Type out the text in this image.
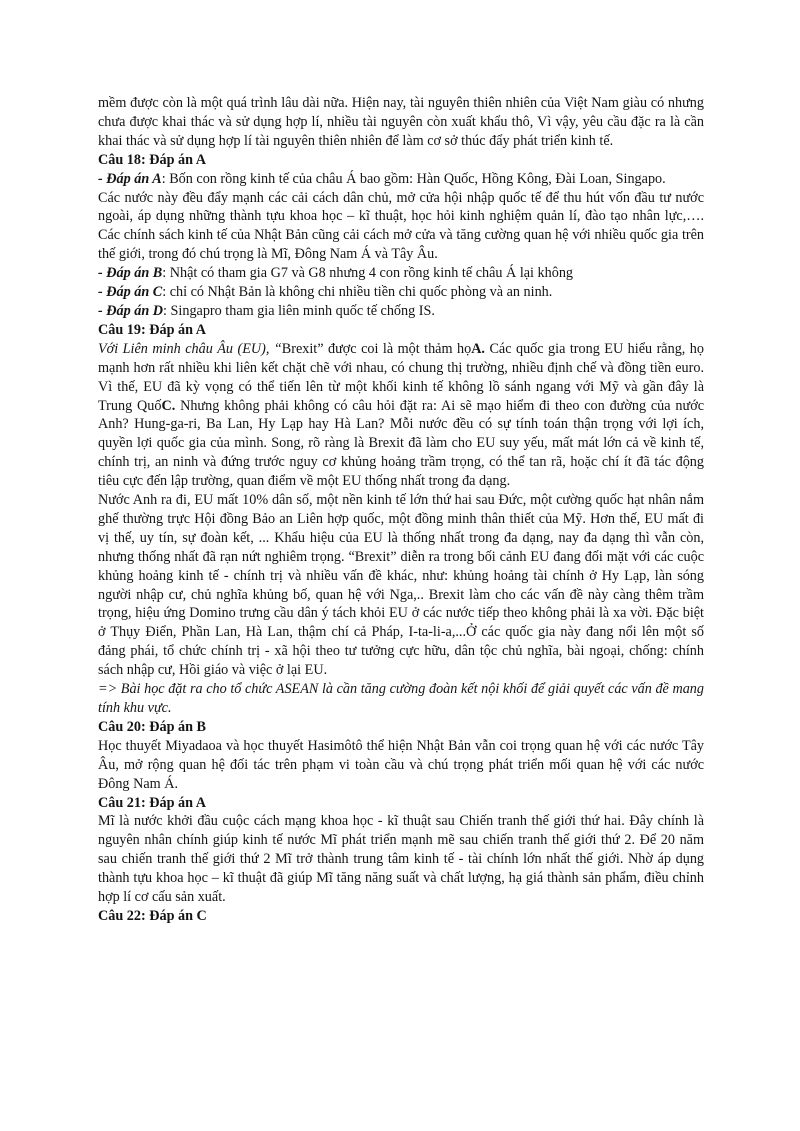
mềm được còn là một quá trình lâu dài nữa. Hiện nay, tài nguyên thiên nhiên của Việt Nam giàu có nhưng chưa được khai thác và sử dụng hợp lí, nhiều tài nguyên còn xuất khẩu thô, Vì vậy, yêu cầu đặc ra là cần khai thác và sử dụng hợp lí tài nguyên thiên nhiên để làm cơ sở thúc đẩy phát triển kinh tế.

Câu 18: Đáp án A

- Đáp án A: Bốn con rồng kinh tế của châu Á bao gồm: Hàn Quốc, Hồng Kông, Đài Loan, Singapo.

Các nước này đều đẩy mạnh các cải cách dân chủ, mở cửa hội nhập quốc tế để thu hút vốn đầu tư nước ngoài, áp dụng những thành tựu khoa học – kĩ thuật, học hỏi kinh nghiệm quản lí, đào tạo nhân lực,…. Các chính sách kinh tế của Nhật Bản cũng cải cách mở cửa và tăng cường quan hệ với nhiều quốc gia trên thế giới, trong đó chú trọng là Mĩ, Đông Nam Á và Tây Âu.

- Đáp án B: Nhật có tham gia G7 và G8 nhưng 4 con rồng kinh tế châu Á lại không

- Đáp án C: chỉ có Nhật Bản là không chi nhiều tiền chi quốc phòng và an ninh.

- Đáp án D: Singapro tham gia liên minh quốc tế chống IS.

Câu 19: Đáp án A

Với Liên minh châu Âu (EU), “Brexit” được coi là một thảm họA. Các quốc gia trong EU hiểu rằng, họ mạnh hơn rất nhiều khi liên kết chặt chẽ với nhau, có chung thị trường, nhiều định chế và đồng tiền euro. Vì thế, EU đã kỳ vọng có thể tiến lên từ một khối kinh tế không lồ sánh ngang với Mỹ và gần đây là Trung QuốC. Nhưng không phải không có câu hỏi đặt ra: Ai sẽ mạo hiểm đi theo con đường của nước Anh? Hung-ga-ri, Ba Lan, Hy Lạp hay Hà Lan? Mỗi nước đều có sự tính toán thận trọng với lợi ích, quyền lợi quốc gia của mình. Song, rõ ràng là Brexit đã làm cho EU suy yếu, mất mát lớn cả về kinh tế, chính trị, an ninh và đứng trước nguy cơ khủng hoảng trầm trọng, có thể tan rã, hoặc chí ít đã tác động tiêu cực đến lập trường, quan điểm về một EU thống nhất trong đa dạng.

Nước Anh ra đi, EU mất 10% dân số, một nền kinh tế lớn thứ hai sau Đức, một cường quốc hạt nhân nắm ghế thường trực Hội đồng Bảo an Liên hợp quốc, một đồng minh thân thiết của Mỹ. Hơn thế, EU mất đi vị thế, uy tín, sự đoàn kết, ... Khẩu hiệu của EU là thống nhất trong đa dạng, nay đa dạng thì vẫn còn, nhưng thống nhất đã rạn nứt nghiêm trọng. “Brexit” diễn ra trong bối cảnh EU đang đối mặt với các cuộc khủng hoảng kinh tế - chính trị và nhiều vấn đề khác, như: khủng hoảng tài chính ở Hy Lạp, làn sóng người nhập cư, chủ nghĩa khủng bố, quan hệ với Nga,.. Brexit làm cho các vấn đề này càng thêm trầm trọng, hiệu ứng Domino trưng cầu dân ý tách khỏi EU ở các nước tiếp theo không phải là xa vời. Đặc biệt ở Thụy Điển, Phần Lan, Hà Lan, thậm chí cả Pháp, I-ta-li-a,...Ở các quốc gia này đang nổi lên một số đảng phái, tổ chức chính trị - xã hội theo tư tưởng cực hữu, dân tộc chủ nghĩa, bài ngoại, chống: chính sách nhập cư, Hồi giáo và việc ở lại EU.

=> Bài học đặt ra cho tổ chức ASEAN là cần tăng cường đoàn kết nội khối để giải quyết các vấn đề mang tính khu vực.

Câu 20: Đáp án B

Học thuyết Miyadaoa và học thuyết Hasimôtô thể hiện Nhật Bản vẫn coi trọng quan hệ với các nước Tây Âu, mở rộng quan hệ đối tác trên phạm vi toàn cầu và chú trọng phát triển mối quan hệ với các nước Đông Nam Á.

Câu 21: Đáp án A

Mĩ là nước khởi đầu cuộc cách mạng khoa học - kĩ thuật sau Chiến tranh thế giới thứ hai. Đây chính là nguyên nhân chính giúp kinh tế nước Mĩ phát triển mạnh mẽ sau chiến tranh thế giới thứ 2. Để 20 năm sau chiến tranh thế giới thứ 2 Mĩ trở thành trung tâm kinh tế - tài chính lớn nhất thế giới. Nhờ áp dụng thành tựu khoa học – kĩ thuật đã giúp Mĩ tăng năng suất và chất lượng, hạ giá thành sản phẩm, điều chỉnh hợp lí cơ cấu sản xuất.

Câu 22: Đáp án C
